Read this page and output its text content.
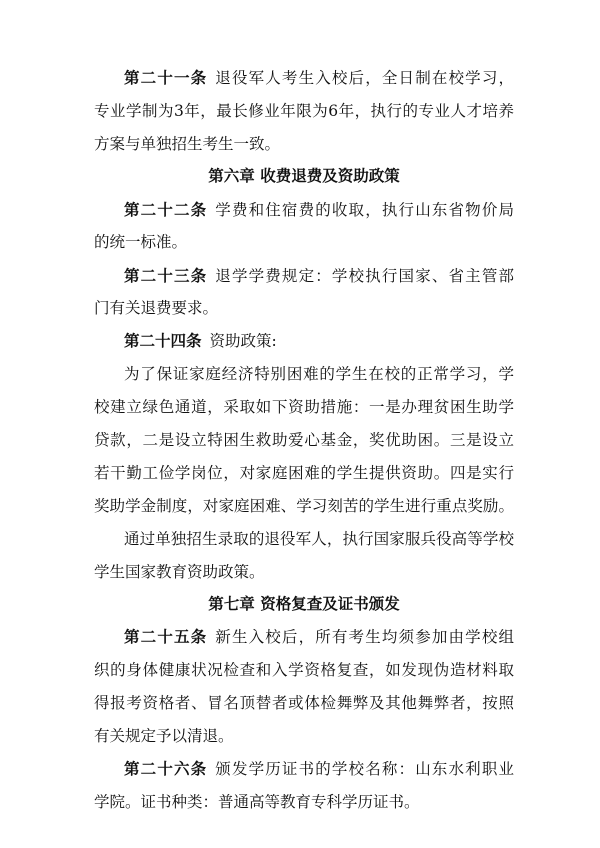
第二十一条 退役军人考生入校后，全日制在校学习，
专业学制为3年，最长修业年限为6年，执行的专业人才培养
方案与单独招生考生一致。
第六章 收费退费及资助政策
第二十二条 学费和住宿费的收取，执行山东省物价局
的统一标准。
第二十三条 退学学费规定：学校执行国家、省主管部
门有关退费要求。
第二十四条 资助政策:
为了保证家庭经济特别困难的学生在校的正常学习，学
校建立绿色通道，采取如下资助措施：一是办理贫困生助学
贷款，二是设立特困生救助爱心基金，奖优助困。三是设立
若干勤工俭学岗位，对家庭困难的学生提供资助。四是实行
奖助学金制度，对家庭困难、学习刻苦的学生进行重点奖励。
通过单独招生录取的退役军人，执行国家服兵役高等学校
学生国家教育资助政策。
第七章 资格复查及证书颁发
第二十五条 新生入校后，所有考生均须参加由学校组
织的身体健康状况检查和入学资格复查，如发现伪造材料取
得报考资格者、冒名顶替者或体检舞弊及其他舞弊者，按照
有关规定予以清退。
第二十六条 颁发学历证书的学校名称：山东水利职业
学院。证书种类：普通高等教育专科学历证书。
